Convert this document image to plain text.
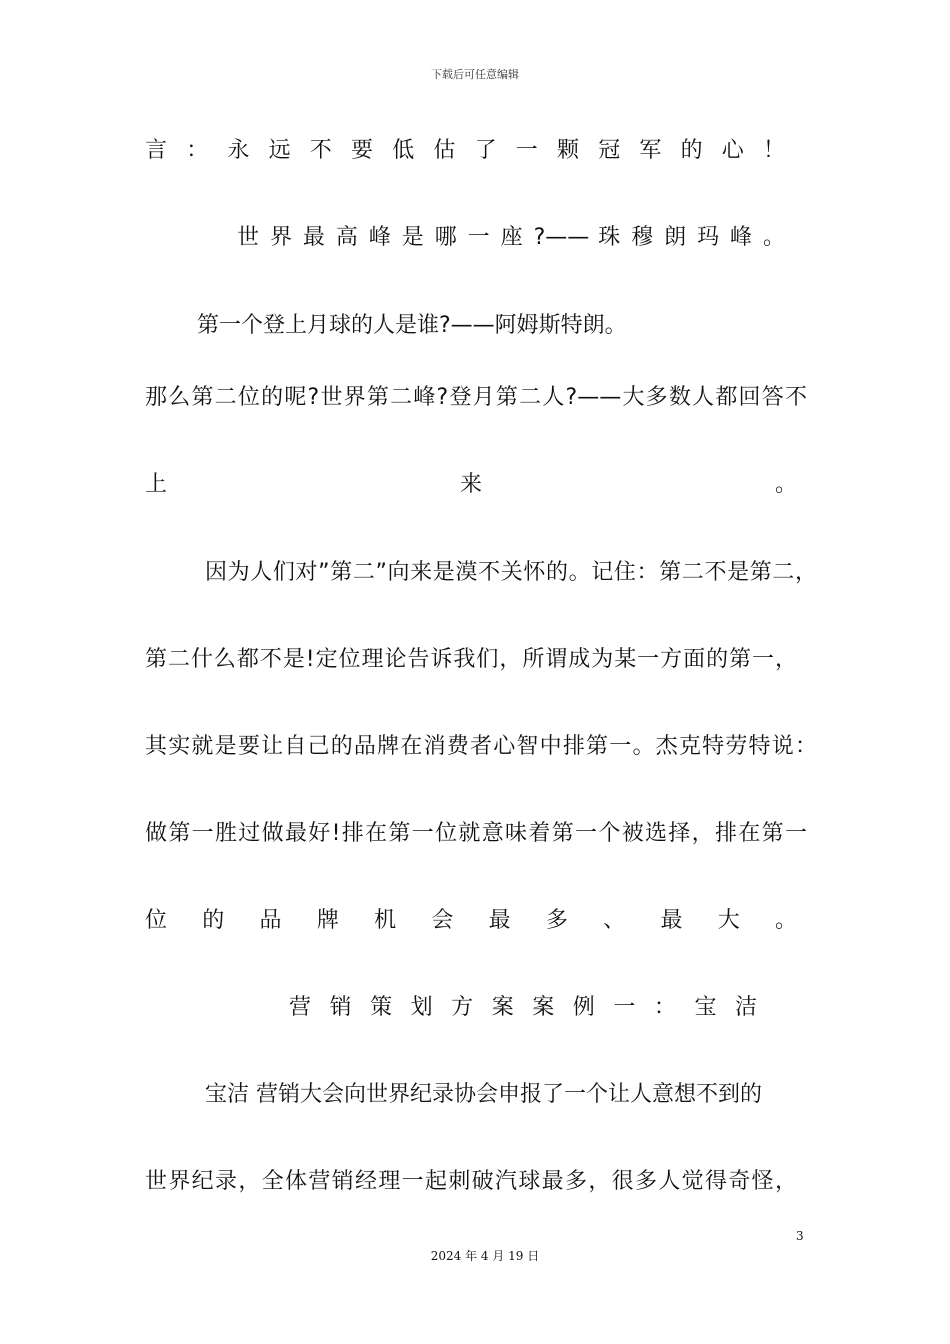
下载后可任意编辑
言 ： 永 远 不 要 低 估 了 一 颗 冠 军 的 心 ！
世 界 最 高 峰 是 哪 一 座 ?—— 珠 穆 朗 玛 峰 。
第一个登上月球的人是谁?——阿姆斯特朗。
那么第二位的呢?世界第二峰?登月第二人?——大多数人都回答不
上 来 。
因为人们对”第二”向来是漠不关怀的。记住：第二不是第二，
第二什么都不是!定位理论告诉我们，所谓成为某一方面的第一，
其实就是要让自己的品牌在消费者心智中排第一。杰克特劳特说：
做第一胜过做最好!排在第一位就意味着第一个被选择，排在第一
位 的 品 牌 机 会 最 多 、 最 大 。
营 销 策 划 方 案 案 例 一 ： 宝 洁
宝洁 营销大会向世界纪录协会申报了一个让人意想不到的
世界纪录，全体营销经理一起刺破汽球最多，很多人觉得奇怪，
3
2024 年 4 月 19 日
